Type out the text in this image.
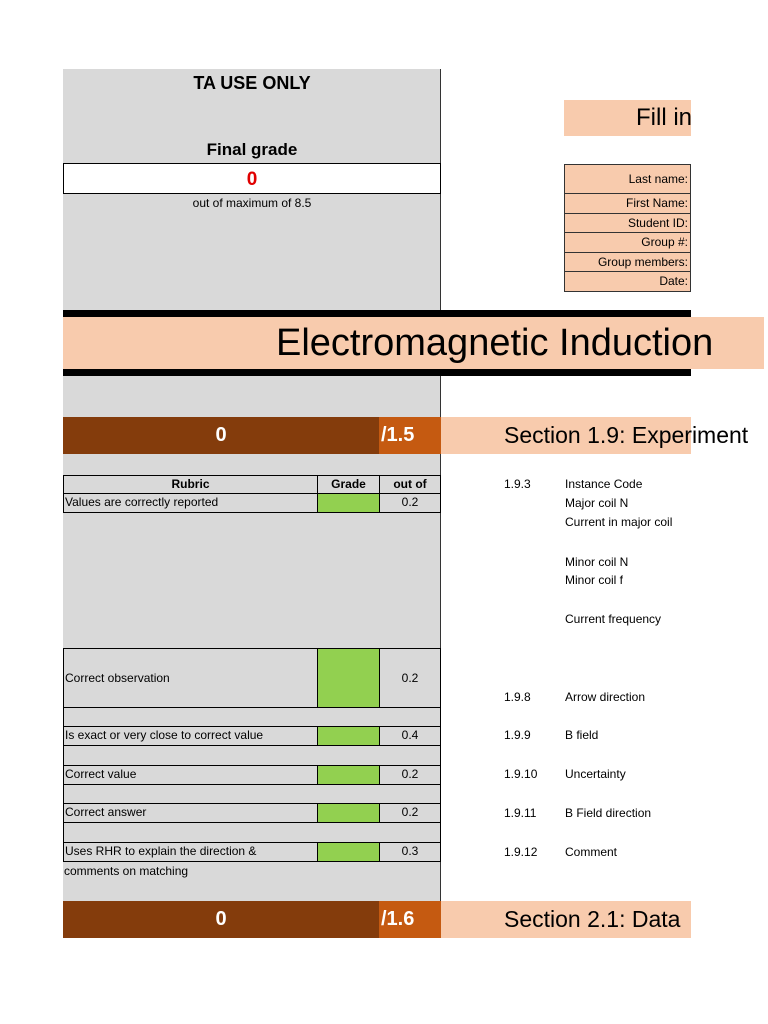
TA USE ONLY
Final grade
0
out of maximum of 8.5
Fill in
Last name:
First Name:
Student ID:
Group #:
Group members:
Date:
Electromagnetic Induction
0	/1.5	Section 1.9: Experiment
Rubric	Grade	out of
Values are correctly reported	0.2
Correct observation	0.2
Is exact or very close to correct value	0.4
Correct value	0.2
Correct answer	0.2
Uses RHR to explain the direction &	0.3
comments on matching
1.9.3	Instance Code
Major coil N
Current in major coil
Minor coil N
Minor coil f
Current frequency
1.9.8	Arrow direction
1.9.9	B field
1.9.10 Uncertainty
1.9.11 B Field direction
1.9.12 Comment
0	/1.6	Section 2.1: Data
